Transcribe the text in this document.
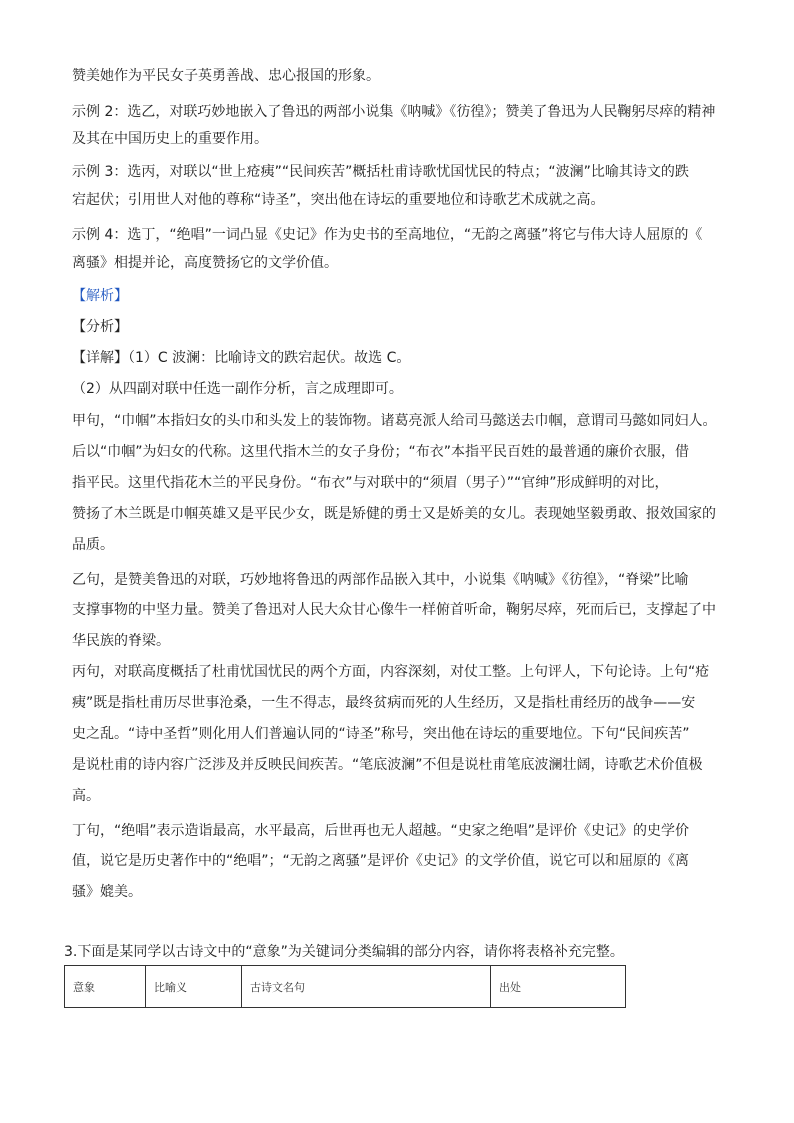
赞美她作为平民女子英勇善战、忠心报国的形象。
示例 2：选乙，对联巧妙地嵌入了鲁迅的两部小说集《呐喊》《彷徨》；赞美了鲁迅为人民鞠躬尽瘁的精神
及其在中国历史上的重要作用。
示例 3：选丙，对联以“世上疮痍”“民间疾苦”概括杜甫诗歌忧国忧民的特点；“波澜”比喻其诗文的跌
宕起伏；引用世人对他的尊称“诗圣”，突出他在诗坛的重要地位和诗歌艺术成就之高。
示例 4：选丁，“绝唱”一词凸显《史记》作为史书的至高地位，“无韵之离骚”将它与伟大诗人屈原的《
离骚》相提并论，高度赞扬它的文学价值。
【解析】
【分析】
【详解】（1）C 波澜：比喻诗文的跌宕起伏。故选 C。
（2）从四副对联中任选一副作分析，言之成理即可。
甲句，“巾帼”本指妇女的头巾和头发上的装饰物。诸葛亮派人给司马懿送去巾帼，意谓司马懿如同妇人。
后以“巾帼”为妇女的代称。这里代指木兰的女子身份；“布衣”本指平民百姓的最普通的廉价衣服，借
指平民。这里代指花木兰的平民身份。“布衣”与对联中的“须眉（男子）”“官绅”形成鲜明的对比，
赞扬了木兰既是巾帼英雄又是平民少女，既是矫健的勇士又是娇美的女儿。表现她坚毅勇敢、报效国家的
品质。
乙句，是赞美鲁迅的对联，巧妙地将鲁迅的两部作品嵌入其中，小说集《呐喊》《彷徨》，“脊梁”比喻
支撑事物的中坚力量。赞美了鲁迅对人民大众甘心像牛一样俯首听命，鞠躬尽瘁，死而后已，支撑起了中
华民族的脊梁。
丙句，对联高度概括了杜甫忧国忧民的两个方面，内容深刻，对仗工整。上句评人，下句论诗。上句“疮
痍”既是指杜甫历尽世事沧桑，一生不得志，最终贫病而死的人生经历，又是指杜甫经历的战争——安
史之乱。“诗中圣哲”则化用人们普遍认同的“诗圣”称号，突出他在诗坛的重要地位。下句“民间疾苦”
是说杜甫的诗内容广泛涉及并反映民间疾苦。“笔底波澜”不但是说杜甫笔底波澜壮阔，诗歌艺术价值极
高。
丁句，“绝唱”表示造诣最高，水平最高，后世再也无人超越。“史家之绝唱”是评价《史记》的史学价
值，说它是历史著作中的“绝唱”；“无韵之离骚”是评价《史记》的文学价值，说它可以和屈原的《离
骚》媲美。
3.下面是某同学以古诗文中的“意象”为关键词分类编辑的部分内容，请你将表格补充完整。
意象	比喻义	古诗文名句	出处
